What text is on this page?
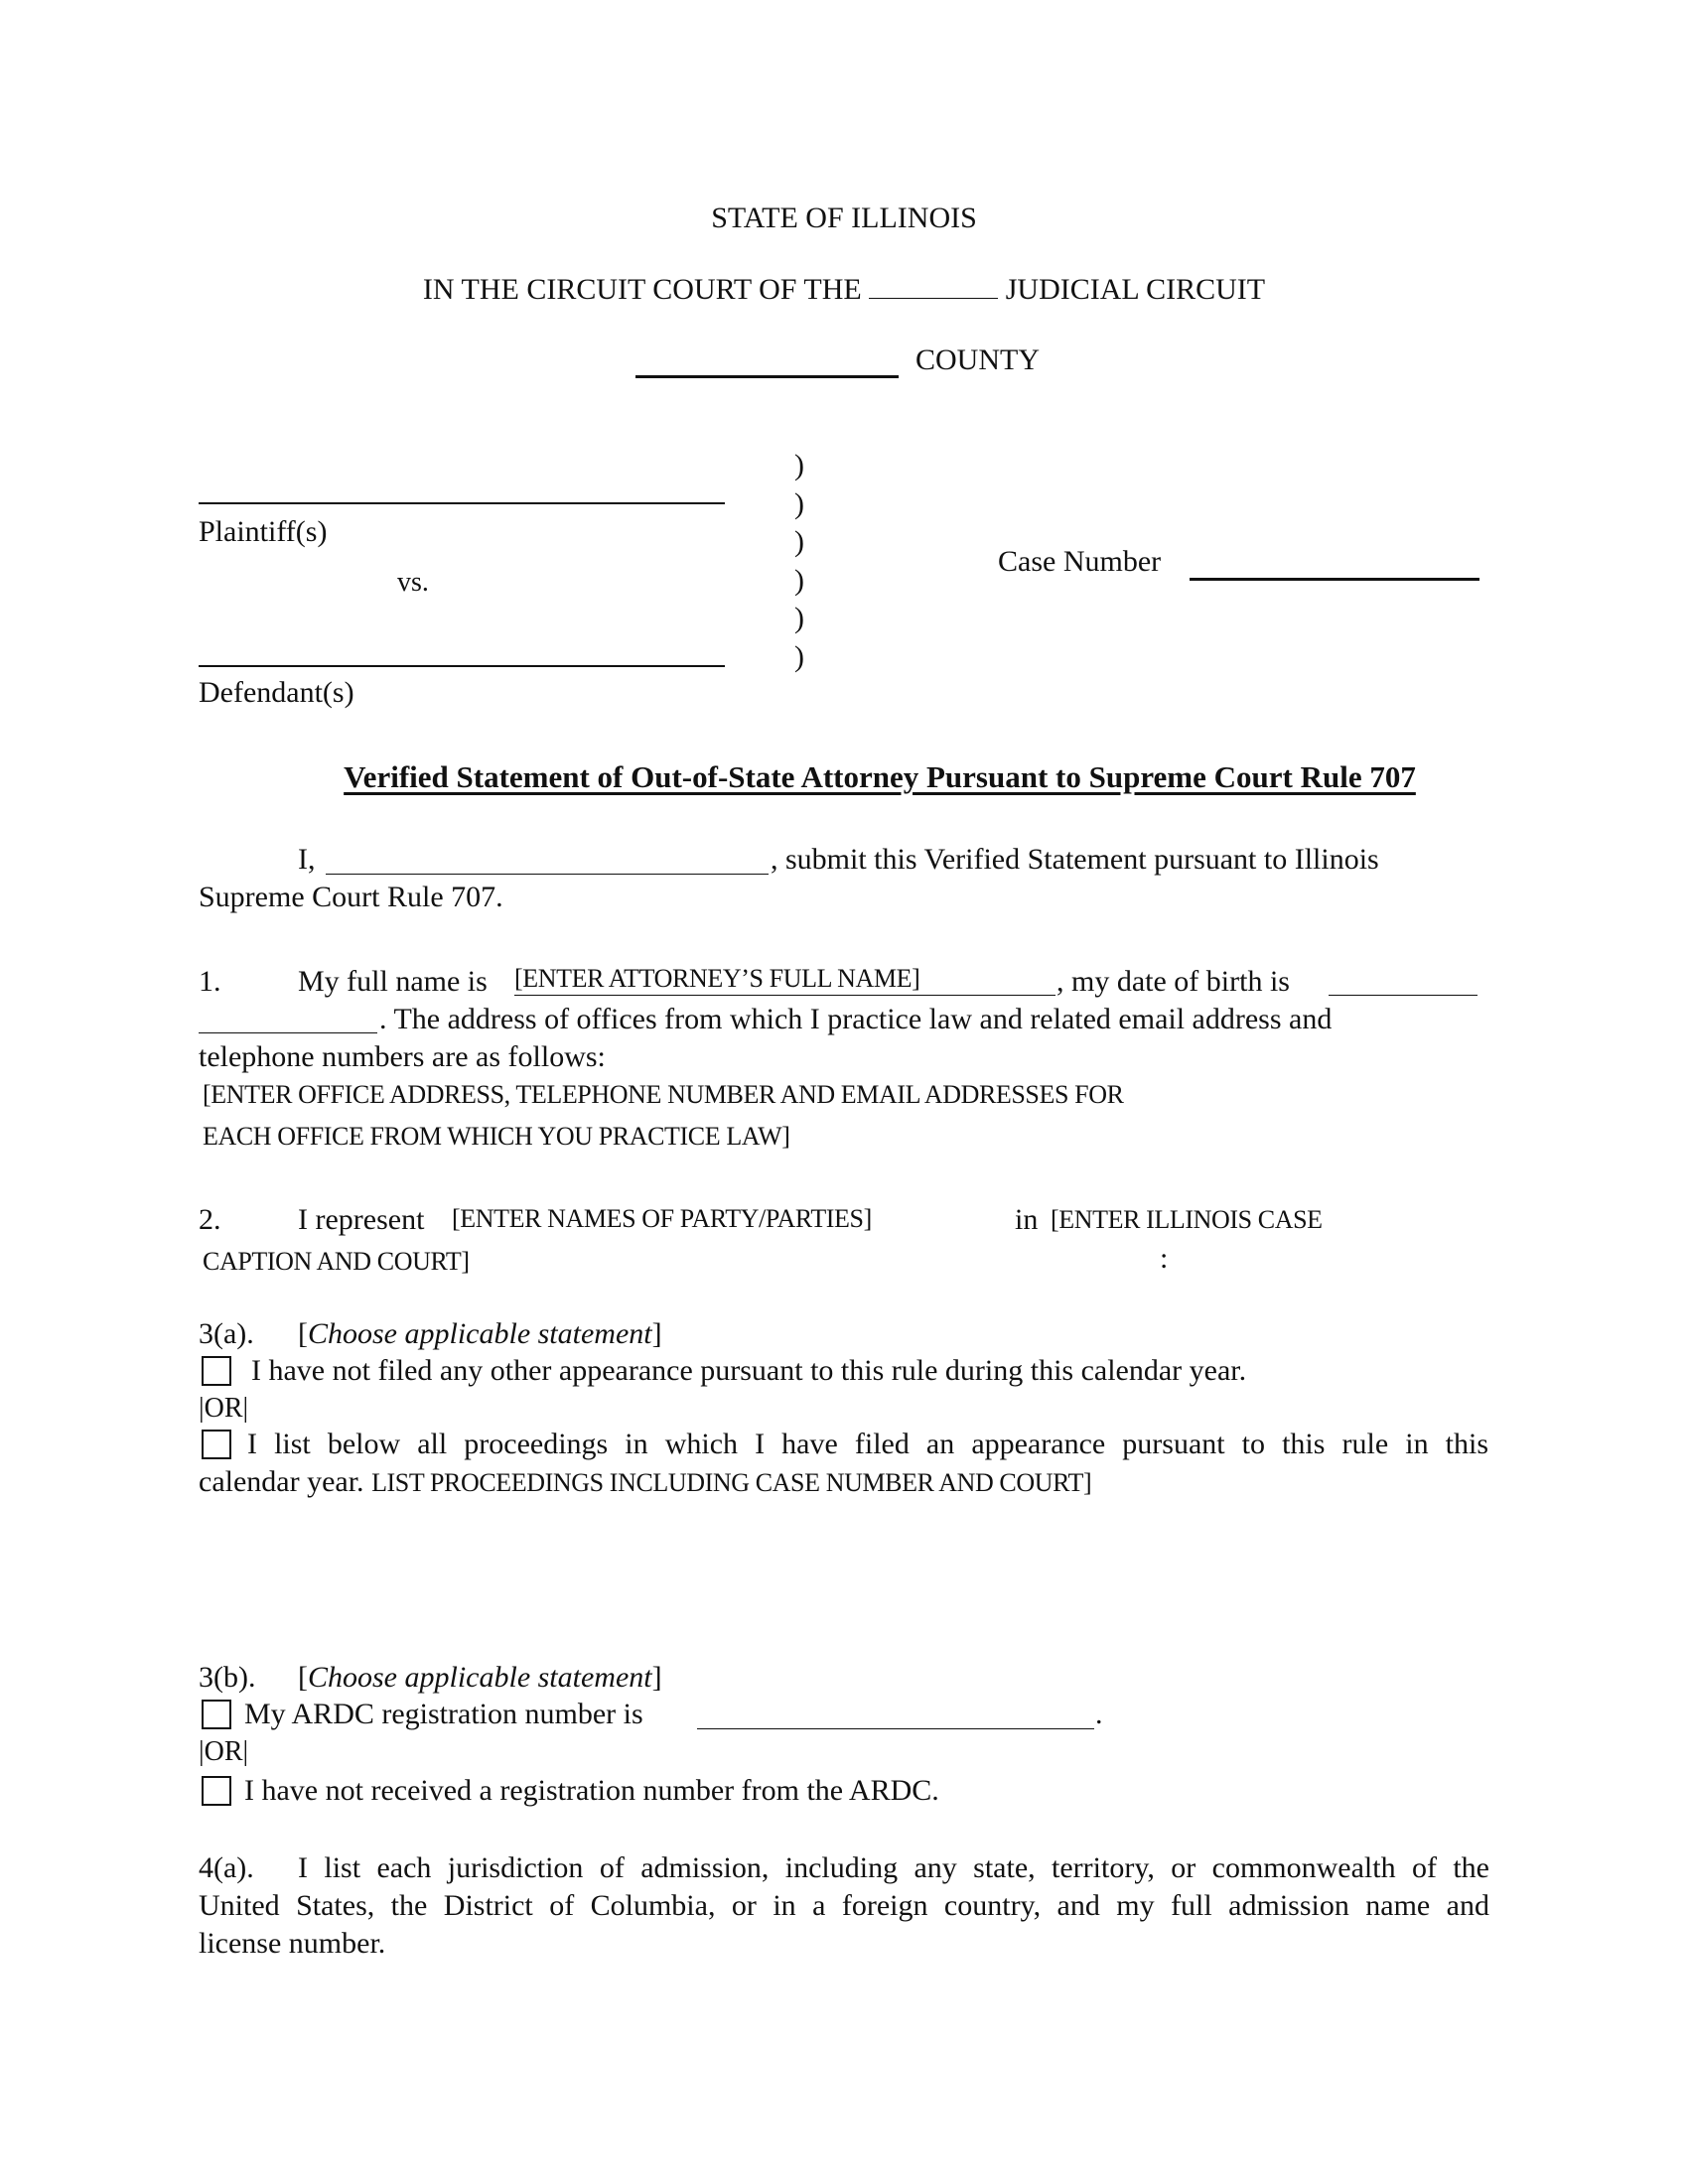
STATE OF ILLINOIS
IN THE CIRCUIT COURT OF THE	JUDICIAL CIRCUIT
COUNTY
Plaintiff(s)
vs.
Defendant(s)
)
)
)
)
)
)
Case Number
Verified Statement of Out-of-State Attorney Pursuant to Supreme Court Rule 707
I,	, submit this Verified Statement pursuant to Illinois
Supreme Court Rule 707.
1.	My full name is [ENTER ATTORNEY’S FULL NAME]	, my date of birth is
. The address of offices from which I practice law and related email address and
telephone numbers are as follows:
[ENTER OFFICE ADDRESS, TELEPHONE NUMBER AND EMAIL ADDRESSES FOR
EACH OFFICE FROM WHICH YOU PRACTICE LAW]
2.	I represent [ENTER NAMES OF PARTY/PARTIES]	in [ENTER ILLINOIS CASE
CAPTION AND COURT]	:
3(a). [Choose applicable statement]
I have not filed any other appearance pursuant to this rule during this calendar year.
|OR|
I list below all proceedings in which I have filed an appearance pursuant to this rule in this
calendar year. LIST PROCEEDINGS INCLUDING CASE NUMBER AND COURT]
3(b). [Choose applicable statement]
My ARDC registration number is	.
|OR|
I have not received a registration number from the ARDC.
4(a). I list each jurisdiction of admission, including any state, territory, or commonwealth of the
United States, the District of Columbia, or in a foreign country, and my full admission name and
license number.
